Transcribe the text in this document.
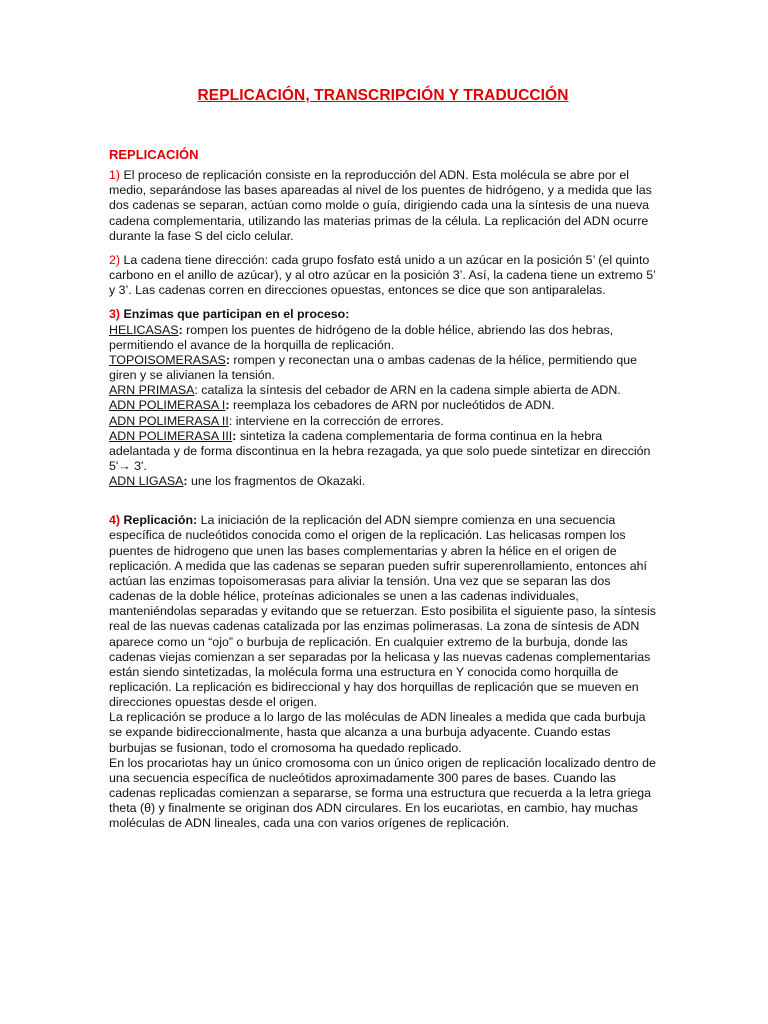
REPLICACIÓN, TRANSCRIPCIÓN Y TRADUCCIÓN
REPLICACIÓN

1) El proceso de replicación consiste en la reproducción del ADN. Esta molécula se abre por el medio, separándose las bases apareadas al nivel de los puentes de hidrógeno, y a medida que las dos cadenas se separan, actúan como molde o guía, dirigiendo cada una la síntesis de una nueva cadena complementaria, utilizando las materias primas de la célula. La replicación del ADN ocurre durante la fase S del ciclo celular.

2) La cadena tiene dirección: cada grupo fosfato está unido a un azúcar en la posición 5’ (el quinto carbono en el anillo de azúcar), y al otro azúcar en la posición 3’. Así, la cadena tiene un extremo 5’ y 3’. Las cadenas corren en direcciones opuestas, entonces se dice que son antiparalelas.

3) Enzimas que participan en el proceso:
HELICASAS: rompen los puentes de hidrógeno de la doble hélice, abriendo las dos hebras, permitiendo el avance de la horquilla de replicación.
TOPOISOMERASAS: rompen y reconectan una o ambas cadenas de la hélice, permitiendo que giren y se alivianen la tensión.
ARN PRIMASA: cataliza la síntesis del cebador de ARN en la cadena simple abierta de ADN.
ADN POLIMERASA I: reemplaza los cebadores de ARN por nucleótidos de ADN.
ADN POLIMERASA II: interviene en la corrección de errores.
ADN POLIMERASA III: sintetiza la cadena complementaria de forma continua en la hebra adelantada y de forma discontinua en la hebra rezagada, ya que solo puede sintetizar en dirección 5'→ 3'.
ADN LIGASA: une los fragmentos de Okazaki.
4) Replicación: La iniciación de la replicación del ADN siempre comienza en una secuencia específica de nucleótidos conocida como el origen de la replicación. Las helicasas rompen los puentes de hidrogeno que unen las bases complementarias y abren la hélice en el origen de replicación. A medida que las cadenas se separan pueden sufrir superenrollamiento, entonces ahí actúan las enzimas topoisomerasas para aliviar la tensión. Una vez que se separan las dos cadenas de la doble hélice, proteínas adicionales se unen a las cadenas individuales, manteniéndolas separadas y evitando que se retuerzan. Esto posibilita el siguiente paso, la síntesis real de las nuevas cadenas catalizada por las enzimas polimerasas. La zona de síntesis de ADN aparece como un “ojo” o burbuja de replicación. En cualquier extremo de la burbuja, donde las cadenas viejas comienzan a ser separadas por la helicasa y las nuevas cadenas complementarias están siendo sintetizadas, la molécula forma una estructura en Y conocida como horquilla de replicación. La replicación es bidireccional y hay dos horquillas de replicación que se mueven en direcciones opuestas desde el origen.
La replicación se produce a lo largo de las moléculas de ADN lineales a medida que cada burbuja se expande bidireccionalmente, hasta que alcanza a una burbuja adyacente. Cuando estas burbujas se fusionan, todo el cromosoma ha quedado replicado.
En los procariotas hay un único cromosoma con un único origen de replicación localizado dentro de una secuencia específica de nucleótidos aproximadamente 300 pares de bases. Cuando las cadenas replicadas comienzan a separarse, se forma una estructura que recuerda a la letra griega theta (θ) y finalmente se originan dos ADN circulares. En los eucariotas, en cambio, hay muchas moléculas de ADN lineales, cada una con varios orígenes de replicación.
